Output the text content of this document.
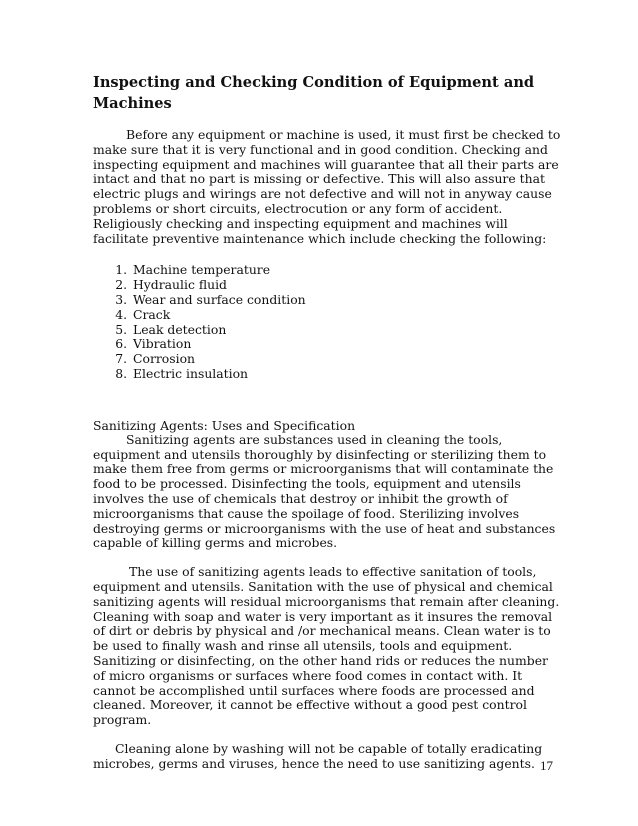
Inspecting and Checking Condition of Equipment and Machines

Before any equipment or machine is used, it must first be checked to make sure that it is very functional and in good condition. Checking and inspecting equipment and machines will guarantee that all their parts are intact and that no part is missing or defective. This will also assure that electric plugs and wirings are not defective and will not in anyway cause problems or short circuits, electrocution or any form of accident. Religiously checking and inspecting equipment and machines will facilitate preventive maintenance which include checking the following:

1. Machine temperature
2. Hydraulic fluid
3. Wear and surface condition
4. Crack
5. Leak detection
6. Vibration
7. Corrosion
8. Electric insulation

Sanitizing Agents: Uses and Specification

Sanitizing agents are substances used in cleaning the tools, equipment and utensils thoroughly by disinfecting or sterilizing them to make them free from germs or microorganisms that will contaminate the food to be processed. Disinfecting the tools, equipment and utensils involves the use of chemicals that destroy or inhibit the growth of microorganisms that cause the spoilage of food. Sterilizing involves destroying germs or microorganisms with the use of heat and substances capable of killing germs and microbes.

The use of sanitizing agents leads to effective sanitation of tools, equipment and utensils. Sanitation with the use of physical and chemical sanitizing agents will residual microorganisms that remain after cleaning. Cleaning with soap and water is very important as it insures the removal of dirt or debris by physical and /or mechanical means. Clean water is to be used to finally wash and rinse all utensils, tools and equipment. Sanitizing or disinfecting, on the other hand rids or reduces the number of micro organisms or surfaces where food comes in contact with. It cannot be accomplished until surfaces where foods are processed and cleaned. Moreover, it cannot be effective without a good pest control program.

Cleaning alone by washing will not be capable of totally eradicating microbes, germs and viruses, hence the need to use sanitizing agents. 17
